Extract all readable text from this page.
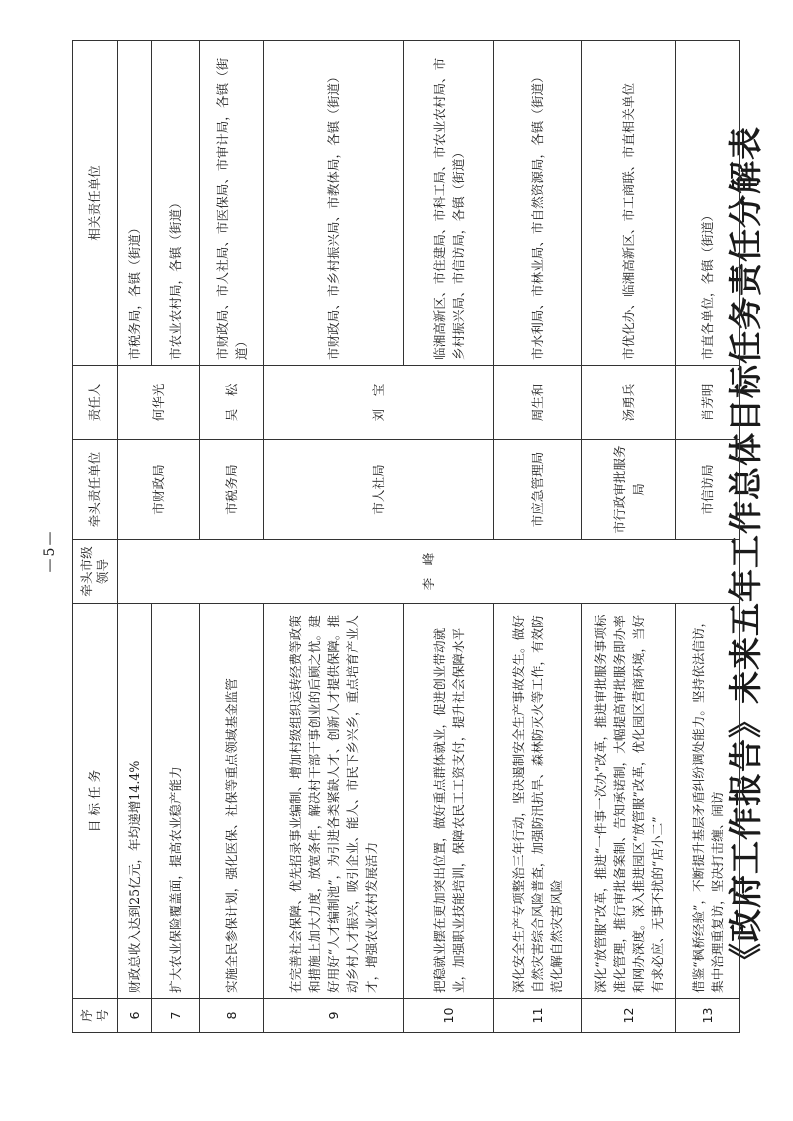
《政府工作报告》未来五年工作总体目标任务责任分解表
序号	目 标 任 务	牵头市级领导	牵头责任单位	责任人	相关责任单位
6	财政总收入达到25亿元，年均递增14.4%	李　峰	市财政局	何华光	市税务局，各镇（街道）
7	扩大农业保险覆盖面，提高农业稳产能力				市农业农村局，各镇（街道）
8	实施全民参保计划，强化医保、社保等重点领域基金监管		市税务局	吴　松	市财政局、市人社局、市医保局、市审计局，各镇（街道）
9	在完善社会保障、优先招录事业编制、增加村级组织运转经费等政策和措施上加大力度，放宽条件，解决村干部干事创业的后顾之忧。建好用好“人才编制池”，为引进各类紧缺人才、创新人才提供保障。推动乡村人才振兴，吸引企业、能人、市民下乡兴乡，重点培育产业人才，增强农业农村发展活力		市人社局	刘　宝	市财政局、市乡村振兴局、市教体局，各镇（街道）
10	把稳就业摆在更加突出位置，做好重点群体就业，促进创业带动就业，加强职业技能培训，保障农民工工资支付，提升社会保障水平				临湘高新区、市住建局、市科工局、市农业农村局、市乡村振兴局、市信访局，各镇（街道）
11	深化安全生产专项整治三年行动，坚决遏制安全生产事故发生。做好自然灾害综合风险普查，加强防汛抗旱、森林防灭火等工作，有效防范化解自然灾害风险		市应急管理局	周生和	市水利局、市林业局、市自然资源局，各镇（街道）
12	深化“放管服”改革，推进“一件事一次办”改革，推进审批服务事项标准化管理，推行审批备案制、告知承诺制，大幅提高审批服务即办率和网办深度。深入推进园区“放管服”改革，优化园区营商环境，当好有求必应、无事不扰的“店小二”		市行政审批服务局	汤勇兵	市优化办、临湘高新区、市工商联、市直相关单位
13	借鉴“枫桥经验”，不断提升基层矛盾纠纷调处能力。坚持依法信访，集中治理重复访，坚决打击缠、闹访		市信访局	肖芳明	市直各单位，各镇（街道）
—5—
